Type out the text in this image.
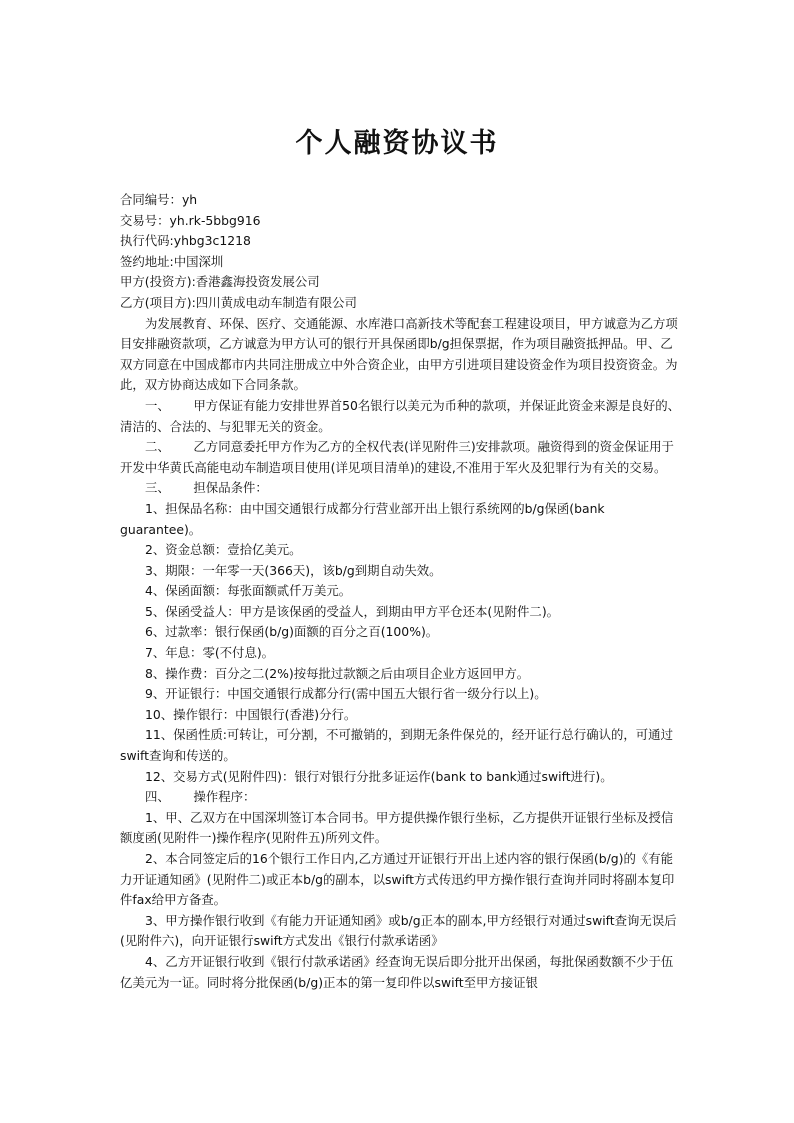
个人融资协议书

合同编号：yh

交易号：yh.rk-5bbg916

执行代码:yhbg3c1218

签约地址:中国深圳

甲方(投资方):香港鑫海投资发展公司

乙方(项目方):四川黄成电动车制造有限公司

为发展教育、环保、医疗、交通能源、水库港口高新技术等配套工程建设项目，甲方诚意为乙方项目安排融资款项，乙方诚意为甲方认可的银行开具保函即b/g担保票据，作为项目融资抵押品。甲、乙双方同意在中国成都市内共同注册成立中外合资企业，由甲方引进项目建设资金作为项目投资资金。为此，双方协商达成如下合同条款。

一、      甲方保证有能力安排世界首50名银行以美元为币种的款项，并保证此资金来源是良好的、清洁的、合法的、与犯罪无关的资金。

二、      乙方同意委托甲方作为乙方的全权代表(详见附件三)安排款项。融资得到的资金保证用于开发中华黄氏高能电动车制造项目使用(详见项目清单)的建设,不准用于军火及犯罪行为有关的交易。

三、      担保品条件：

1、担保品名称：由中国交通银行成都分行营业部开出上银行系统网的b/g保函(bank guarantee)。

2、资金总额：壹拾亿美元。

3、期限：一年零一天(366天)，该b/g到期自动失效。

4、保函面额：每张面额贰仟万美元。

5、保函受益人：甲方是该保函的受益人，到期由甲方平仓还本(见附件二)。

6、过款率：银行保函(b/g)面额的百分之百(100%)。

7、年息：零(不付息)。

8、操作费：百分之二(2%)按每批过款额之后由项目企业方返回甲方。

9、开证银行：中国交通银行成都分行(需中国五大银行省一级分行以上)。

10、操作银行：中国银行(香港)分行。

11、保函性质:可转让，可分割，不可撤销的，到期无条件保兑的，经开证行总行确认的，可通过swift查询和传送的。

12、交易方式(见附件四)：银行对银行分批多证运作(bank to bank通过swift进行)。

四、      操作程序：

1、甲、乙双方在中国深圳签订本合同书。甲方提供操作银行坐标，乙方提供开证银行坐标及授信额度函(见附件一)操作程序(见附件五)所列文件。

2、本合同签定后的16个银行工作日内,乙方通过开证银行开出上述内容的银行保函(b/g)的《有能力开证通知函》(见附件二)或正本b/g的副本，以swift方式传迅约甲方操作银行查询并同时将副本复印件fax给甲方备查。

3、甲方操作银行收到《有能力开证通知函》或b/g正本的副本,甲方经银行对通过swift查询无误后(见附件六)，向开证银行swift方式发出《银行付款承诺函》

4、乙方开证银行收到《银行付款承诺函》经查询无误后即分批开出保函，每批保函数额不少于伍亿美元为一证。同时将分批保函(b/g)正本的第一复印件以swift至甲方接证银
